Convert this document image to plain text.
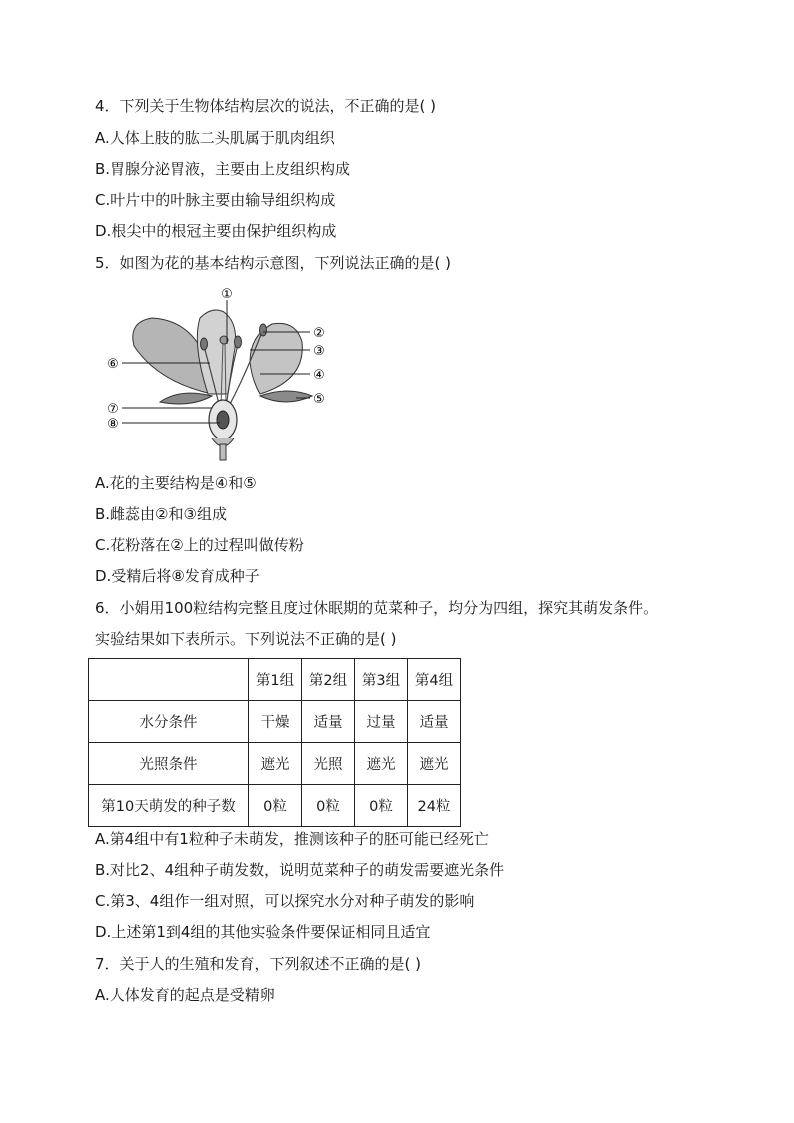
4．下列关于生物体结构层次的说法，不正确的是( )
A.人体上肢的肱二头肌属于肌肉组织
B.胃腺分泌胃液，主要由上皮组织构成
C.叶片中的叶脉主要由输导组织构成
D.根尖中的根冠主要由保护组织构成
5．如图为花的基本结构示意图，下列说法正确的是( )
①
②
③
④
⑤
⑥
⑦
⑧
A.花的主要结构是④和⑤
B.雌蕊由②和③组成
C.花粉落在②上的过程叫做传粉
D.受精后将⑧发育成种子
6．小娟用100粒结构完整且度过休眠期的苋菜种子，均分为四组，探究其萌发条件。
实验结果如下表所示。下列说法不正确的是( )
	第1组	第2组	第3组	第4组
水分条件	干燥	适量	过量	适量
光照条件	遮光	光照	遮光	遮光
第10天萌发的种子数	0粒	0粒	0粒	24粒
A.第4组中有1粒种子未萌发，推测该种子的胚可能已经死亡
B.对比2、4组种子萌发数，说明苋菜种子的萌发需要遮光条件
C.第3、4组作一组对照，可以探究水分对种子萌发的影响
D.上述第1到4组的其他实验条件要保证相同且适宜
7．关于人的生殖和发育，下列叙述不正确的是( )
A.人体发育的起点是受精卵
